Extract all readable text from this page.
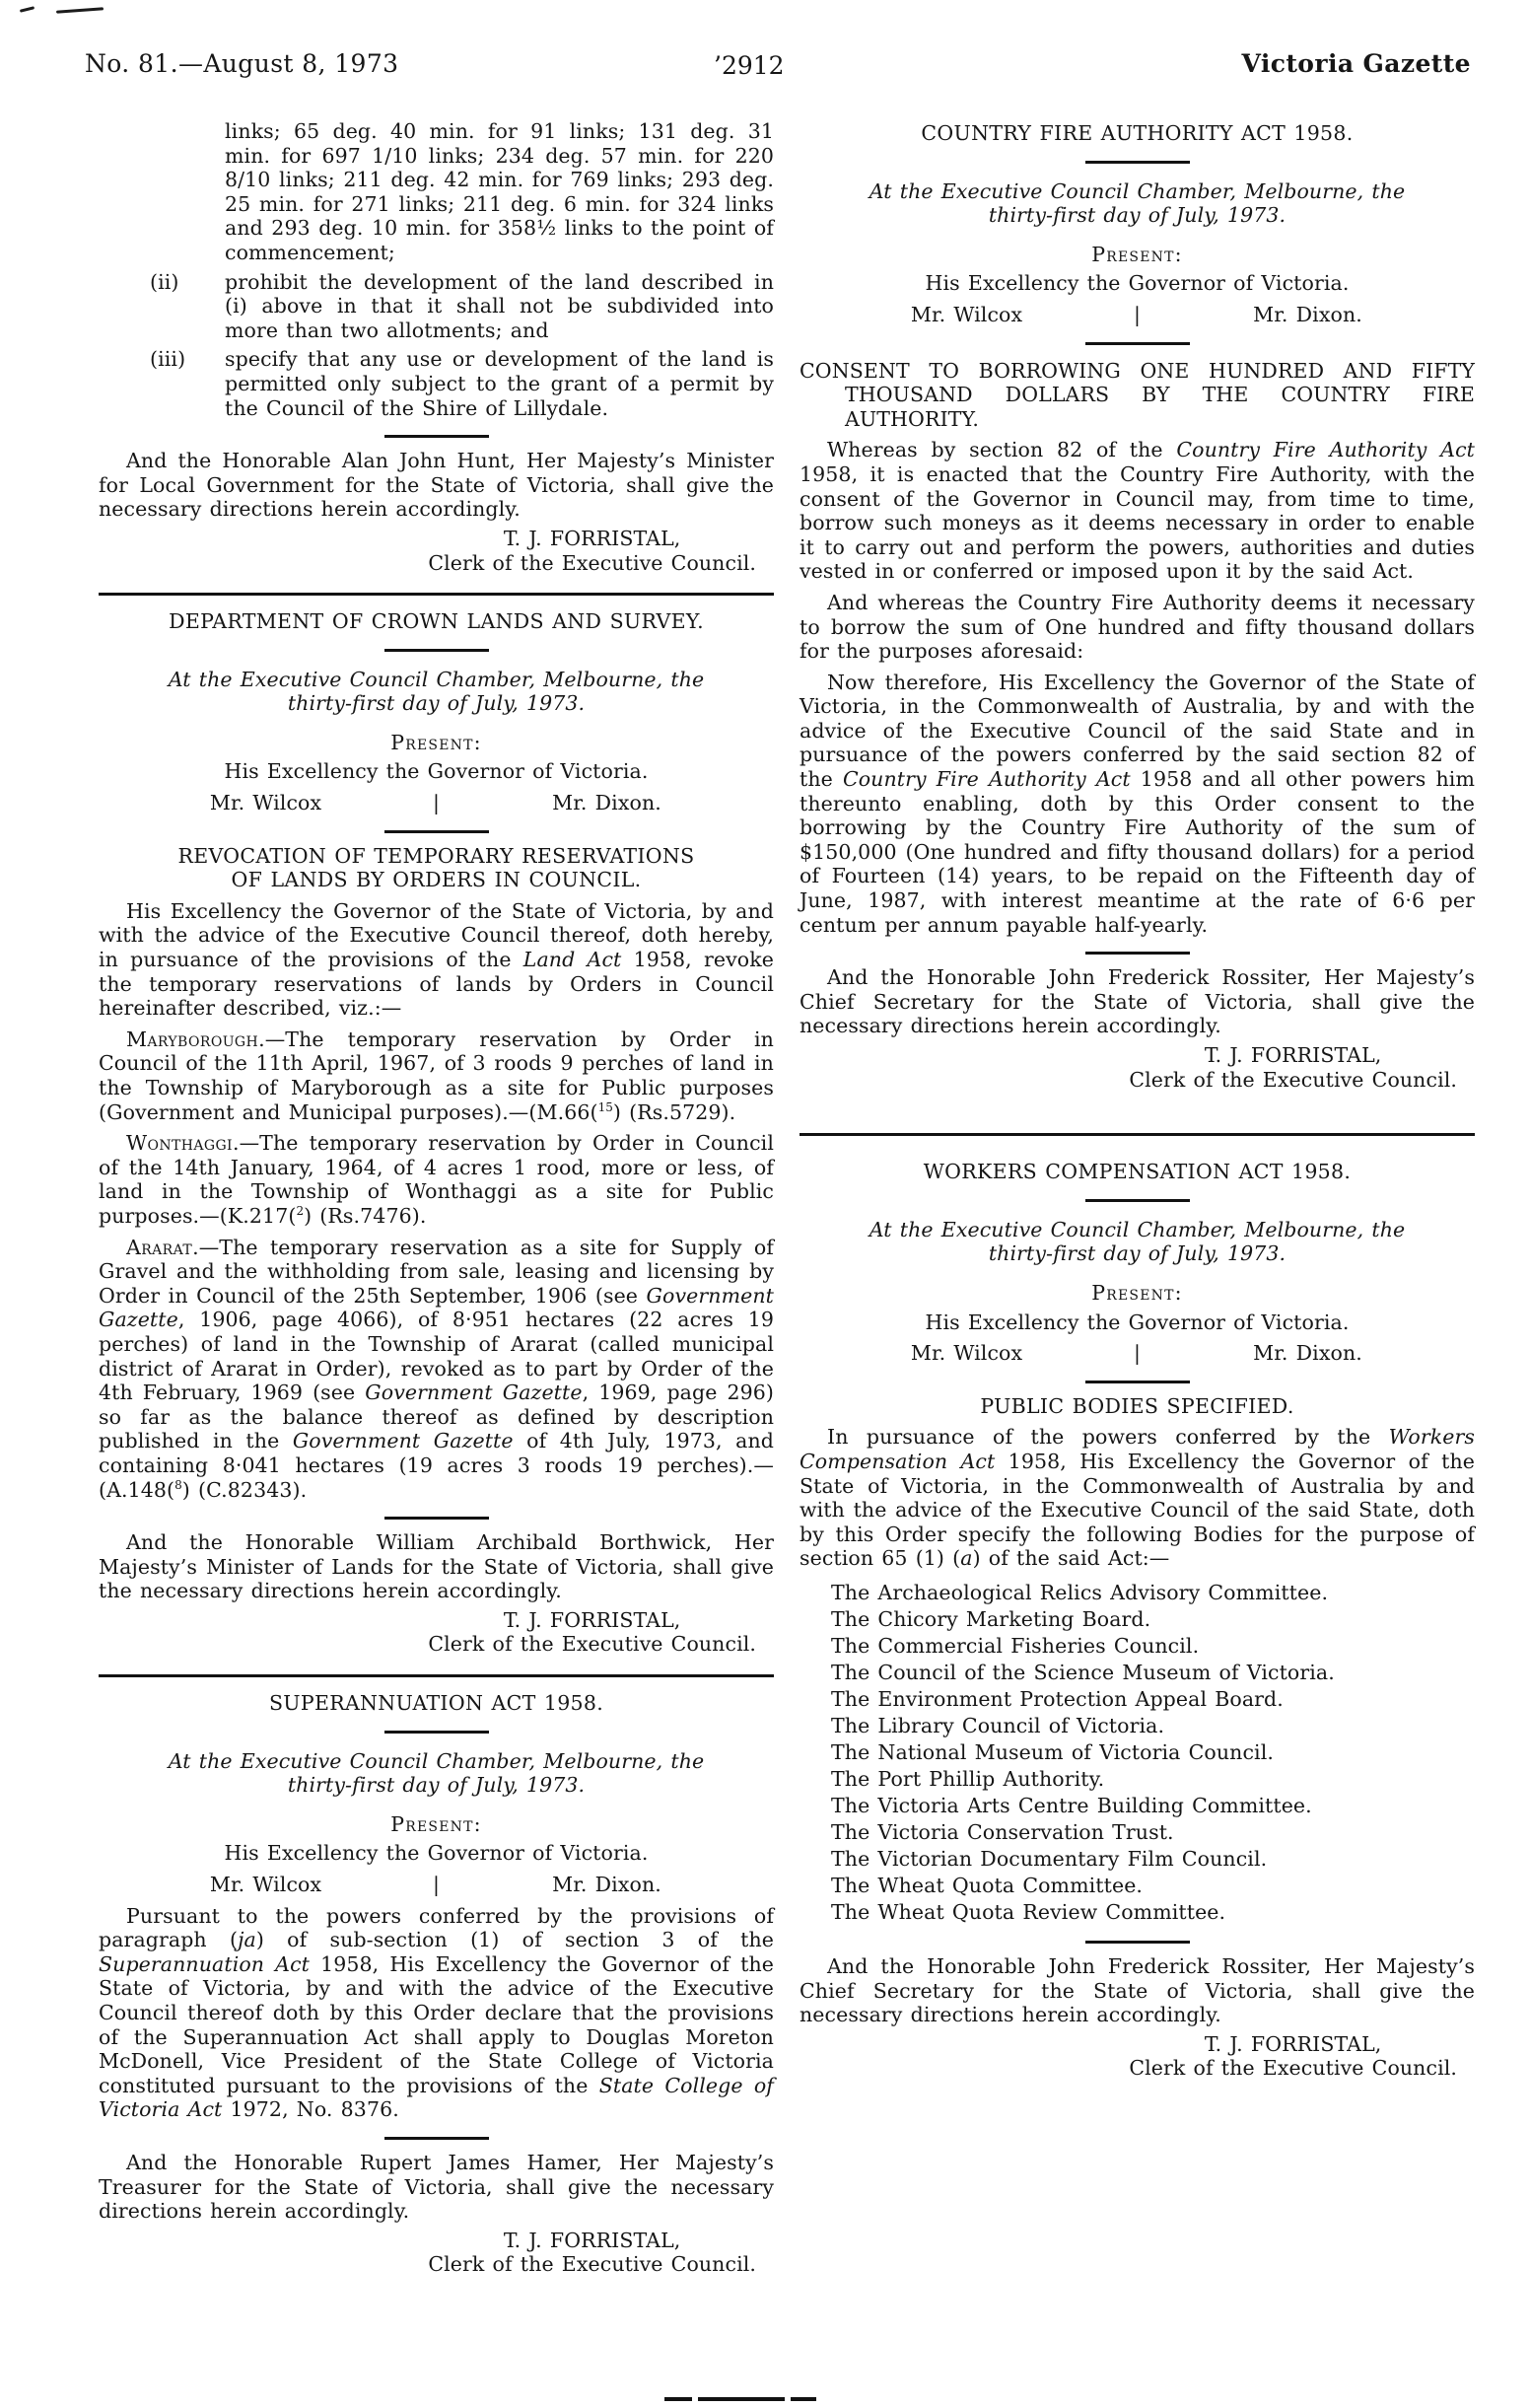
No. 81.—August 8, 1973	’2912	Victoria Gazette
links; 65 deg. 40 min. for 91 links; 131 deg. 31 min. for 697 1/10 links; 234 deg. 57 min. for 220 8/10 links; 211 deg. 42 min. for 769 links; 293 deg. 25 min. for 271 links; 211 deg. 6 min. for 324 links and 293 deg. 10 min. for 358½ links to the point of commencement;
(ii) prohibit the development of the land described in (i) above in that it shall not be subdivided into more than two allotments; and
(iii) specify that any use or development of the land is permitted only subject to the grant of a permit by the Council of the Shire of Lillydale.
And the Honorable Alan John Hunt, Her Majesty’s Minister for Local Government for the State of Victoria, shall give the necessary directions herein accordingly.
T. J. FORRISTAL,
Clerk of the Executive Council.
DEPARTMENT OF CROWN LANDS AND SURVEY.
At the Executive Council Chamber, Melbourne, the
thirty-first day of July, 1973.
Present:
His Excellency the Governor of Victoria.
Mr. Wilcox	|	Mr. Dixon.
REVOCATION OF TEMPORARY RESERVATIONS OF LANDS BY ORDERS IN COUNCIL.
His Excellency the Governor of the State of Victoria, by and with the advice of the Executive Council thereof, doth hereby, in pursuance of the provisions of the Land Act 1958, revoke the temporary reservations of lands by Orders in Council hereinafter described, viz.:—
Maryborough.—The temporary reservation by Order in Council of the 11th April, 1967, of 3 roods 9 perches of land in the Township of Maryborough as a site for Public purposes (Government and Municipal purposes).—(M.66($^{15}$) (Rs.5729).
Wonthaggi.—The temporary reservation by Order in Council of the 14th January, 1964, of 4 acres 1 rood, more or less, of land in the Township of Wonthaggi as a site for Public purposes.—(K.217($^2$) (Rs.7476).
Ararat.—The temporary reservation as a site for Supply of Gravel and the withholding from sale, leasing and licensing by Order in Council of the 25th September, 1906 (see Government Gazette, 1906, page 4066), of 8·951 hectares (22 acres 19 perches) of land in the Township of Ararat (called municipal district of Ararat in Order), revoked as to part by Order of the 4th February, 1969 (see Government Gazette, 1969, page 296) so far as the balance thereof as defined by description published in the Government Gazette of 4th July, 1973, and containing 8·041 hectares (19 acres 3 roods 19 perches).—(A.148($^8$) (C.82343).
And the Honorable William Archibald Borthwick, Her Majesty’s Minister of Lands for the State of Victoria, shall give the necessary directions herein accordingly.
T. J. FORRISTAL,
Clerk of the Executive Council.
SUPERANNUATION ACT 1958.
At the Executive Council Chamber, Melbourne, the
thirty-first day of July, 1973.
Present:
His Excellency the Governor of Victoria.
Mr. Wilcox	|	Mr. Dixon.
Pursuant to the powers conferred by the provisions of paragraph (ja) of sub-section (1) of section 3 of the Superannuation Act 1958, His Excellency the Governor of the State of Victoria, by and with the advice of the Executive Council thereof doth by this Order declare that the provisions of the Superannuation Act shall apply to Douglas Moreton McDonell, Vice President of the State College of Victoria constituted pursuant to the provisions of the State College of Victoria Act 1972, No. 8376.
And the Honorable Rupert James Hamer, Her Majesty’s Treasurer for the State of Victoria, shall give the necessary directions herein accordingly.
T. J. FORRISTAL,
Clerk of the Executive Council.
COUNTRY FIRE AUTHORITY ACT 1958.
At the Executive Council Chamber, Melbourne, the
thirty-first day of July, 1973.
Present:
His Excellency the Governor of Victoria.
Mr. Wilcox	|	Mr. Dixon.
CONSENT TO BORROWING ONE HUNDRED AND FIFTY THOUSAND DOLLARS BY THE COUNTRY FIRE AUTHORITY.
Whereas by section 82 of the Country Fire Authority Act 1958, it is enacted that the Country Fire Authority, with the consent of the Governor in Council may, from time to time, borrow such moneys as it deems necessary in order to enable it to carry out and perform the powers, authorities and duties vested in or conferred or imposed upon it by the said Act.
And whereas the Country Fire Authority deems it necessary to borrow the sum of One hundred and fifty thousand dollars for the purposes aforesaid:
Now therefore, His Excellency the Governor of the State of Victoria, in the Commonwealth of Australia, by and with the advice of the Executive Council of the said State and in pursuance of the powers conferred by the said section 82 of the Country Fire Authority Act 1958 and all other powers him thereunto enabling, doth by this Order consent to the borrowing by the Country Fire Authority of the sum of $150,000 (One hundred and fifty thousand dollars) for a period of Fourteen (14) years, to be repaid on the Fifteenth day of June, 1987, with interest meantime at the rate of 6·6 per centum per annum payable half-yearly.
And the Honorable John Frederick Rossiter, Her Majesty’s Chief Secretary for the State of Victoria, shall give the necessary directions herein accordingly.
T. J. FORRISTAL,
Clerk of the Executive Council.
WORKERS COMPENSATION ACT 1958.
At the Executive Council Chamber, Melbourne, the
thirty-first day of July, 1973.
Present:
His Excellency the Governor of Victoria.
Mr. Wilcox	|	Mr. Dixon.
PUBLIC BODIES SPECIFIED.
In pursuance of the powers conferred by the Workers Compensation Act 1958, His Excellency the Governor of the State of Victoria, in the Commonwealth of Australia by and with the advice of the Executive Council of the said State, doth by this Order specify the following Bodies for the purpose of section 65 (1) (a) of the said Act:—
The Archaeological Relics Advisory Committee.
The Chicory Marketing Board.
The Commercial Fisheries Council.
The Council of the Science Museum of Victoria.
The Environment Protection Appeal Board.
The Library Council of Victoria.
The National Museum of Victoria Council.
The Port Phillip Authority.
The Victoria Arts Centre Building Committee.
The Victoria Conservation Trust.
The Victorian Documentary Film Council.
The Wheat Quota Committee.
The Wheat Quota Review Committee.
And the Honorable John Frederick Rossiter, Her Majesty’s Chief Secretary for the State of Victoria, shall give the necessary directions herein accordingly.
T. J. FORRISTAL,
Clerk of the Executive Council.
